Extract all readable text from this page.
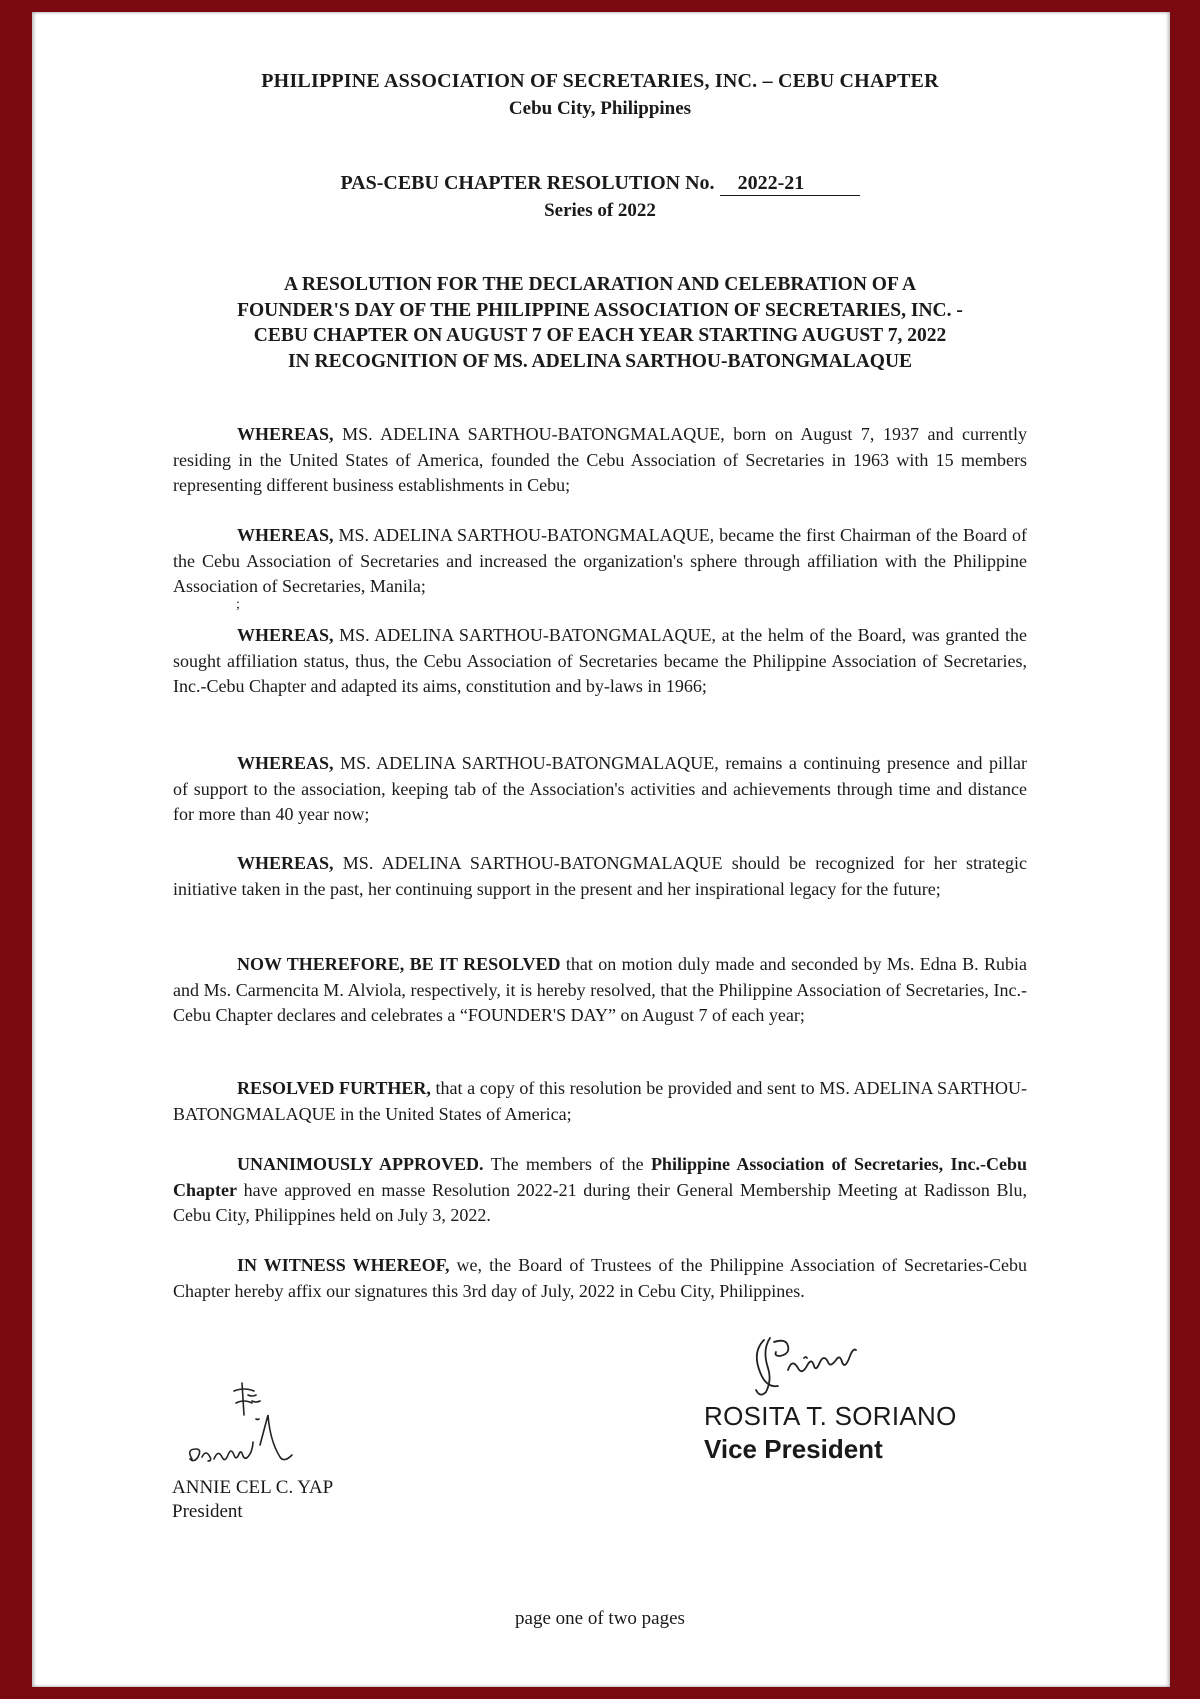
PHILIPPINE ASSOCIATION OF SECRETARIES, INC. – CEBU CHAPTER
Cebu City, Philippines
PAS-CEBU CHAPTER RESOLUTION No. 2022-21
Series of 2022
A RESOLUTION FOR THE DECLARATION AND CELEBRATION OF A
FOUNDER'S DAY OF THE PHILIPPINE ASSOCIATION OF SECRETARIES, INC. -
CEBU CHAPTER ON AUGUST 7 OF EACH YEAR STARTING AUGUST 7, 2022
IN RECOGNITION OF MS. ADELINA SARTHOU-BATONGMALAQUE

WHEREAS, MS. ADELINA SARTHOU-BATONGMALAQUE, born on August 7, 1937 and currently residing in the United States of America, founded the Cebu Association of Secretaries in 1963 with 15 members representing different business establishments in Cebu;

WHEREAS, MS. ADELINA SARTHOU-BATONGMALAQUE, became the first Chairman of the Board of the Cebu Association of Secretaries and increased the organization's sphere through affiliation with the Philippine Association of Secretaries, Manila;

;

WHEREAS, MS. ADELINA SARTHOU-BATONGMALAQUE, at the helm of the Board, was granted the sought affiliation status, thus, the Cebu Association of Secretaries became the Philippine Association of Secretaries, Inc.-Cebu Chapter and adapted its aims, constitution and by-laws in 1966;

WHEREAS, MS. ADELINA SARTHOU-BATONGMALAQUE, remains a continuing presence and pillar of support to the association, keeping tab of the Association's activities and achievements through time and distance for more than 40 year now;

WHEREAS, MS. ADELINA SARTHOU-BATONGMALAQUE should be recognized for her strategic initiative taken in the past, her continuing support in the present and her inspirational legacy for the future;

NOW THEREFORE, BE IT RESOLVED that on motion duly made and seconded by Ms. Edna B. Rubia and Ms. Carmencita M. Alviola, respectively, it is hereby resolved, that the Philippine Association of Secretaries, Inc.-Cebu Chapter declares and celebrates a “FOUNDER'S DAY” on August 7 of each year;

RESOLVED FURTHER, that a copy of this resolution be provided and sent to MS. ADELINA SARTHOU- BATONGMALAQUE in the United States of America;

UNANIMOUSLY APPROVED. The members of the Philippine Association of Secretaries, Inc.-Cebu Chapter have approved en masse Resolution 2022-21 during their General Membership Meeting at Radisson Blu, Cebu City, Philippines held on July 3, 2022.

IN WITNESS WHEREOF, we, the Board of Trustees of the Philippine Association of Secretaries-Cebu Chapter hereby affix our signatures this 3rd day of July, 2022 in Cebu City, Philippines.

ANNIE CEL C. YAP
President
ROSITA T. SORIANO
Vice President
page one of two pages
